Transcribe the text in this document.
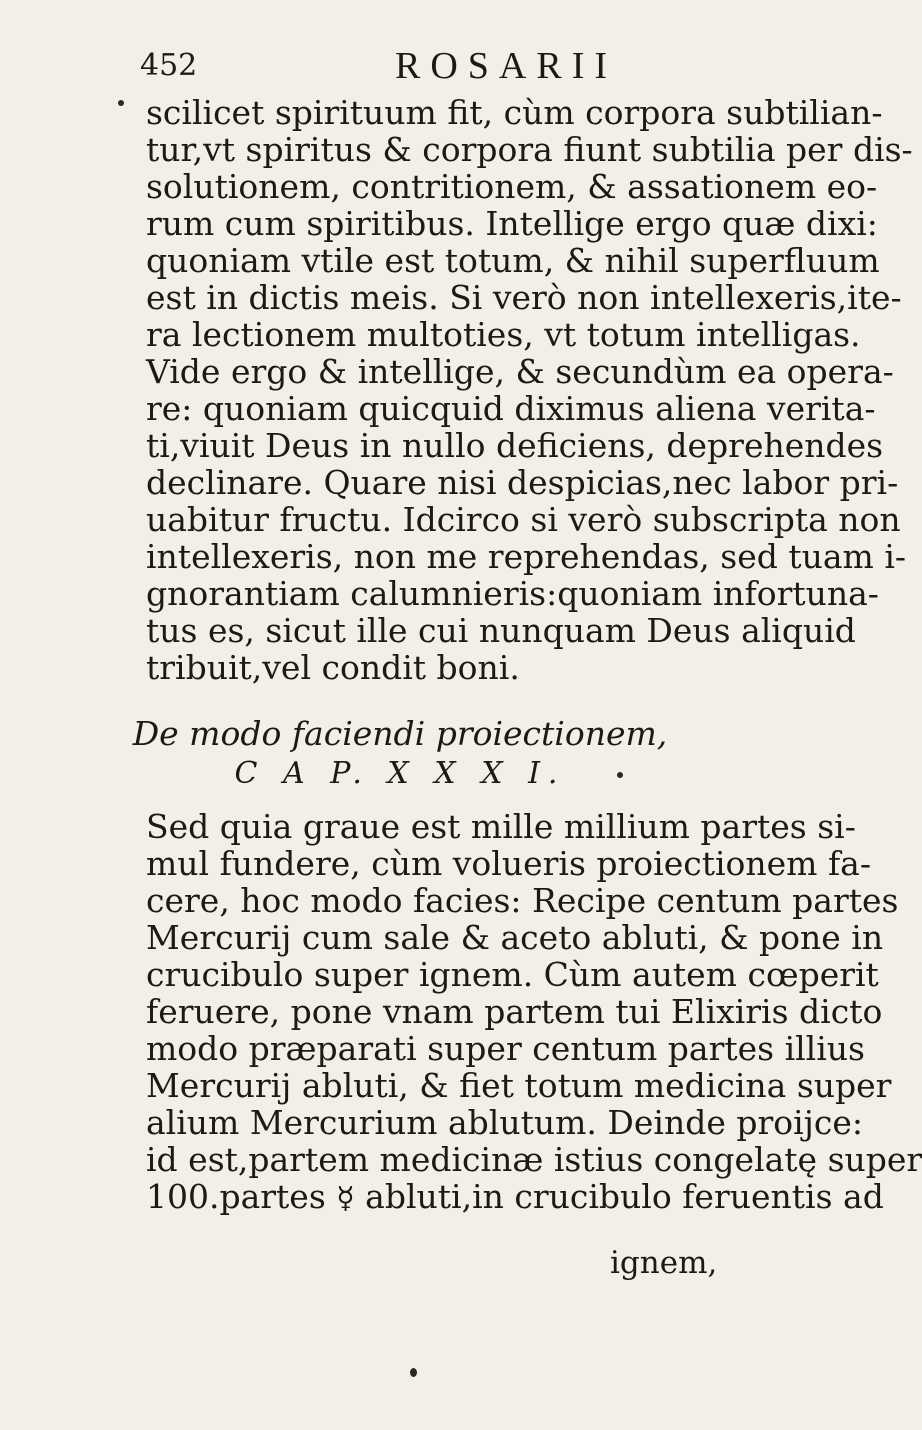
452	ROSARII
scilicet spirituum fit, cùm corpora subtilian-
tur,vt spiritus & corpora fiunt subtilia per dis-
solutionem, contritionem, & assationem eo-
rum cum spiritibus. Intellige ergo quæ dixi:
quoniam vtile est totum, & nihil superfluum
est in dictis meis. Si verò non intellexeris,ite-
ra lectionem multoties, vt totum intelligas.
Vide ergo & intellige, & secundùm ea opera-
re: quoniam quicquid diximus aliena verita-
ti,viuit Deus in nullo deficiens, deprehendes
declinare. Quare nisi despicias,nec labor pri-
uabitur fructu. Idcirco si verò subscripta non
intellexeris, non me reprehendas, sed tuam i-
gnorantiam calumnieris:quoniam infortuna-
tus es, sicut ille cui nunquam Deus aliquid
tribuit,vel condit boni.
De modo faciendi proiectionem,
C A P. X X X I.
Sed quia graue est mille millium partes si-
mul fundere, cùm volueris proiectionem fa-
cere, hoc modo facies: Recipe centum partes
Mercurij cum sale & aceto abluti, & pone in
crucibulo super ignem. Cùm autem cœperit
feruere, pone vnam partem tui Elixiris dicto
modo præparati super centum partes illius
Mercurij abluti, & fiet totum medicina super
alium Mercurium ablutum. Deinde proijce:
id est,partem medicinæ istius congelatę super
100.partes ☿ abluti,in crucibulo feruentis ad
ignem,
